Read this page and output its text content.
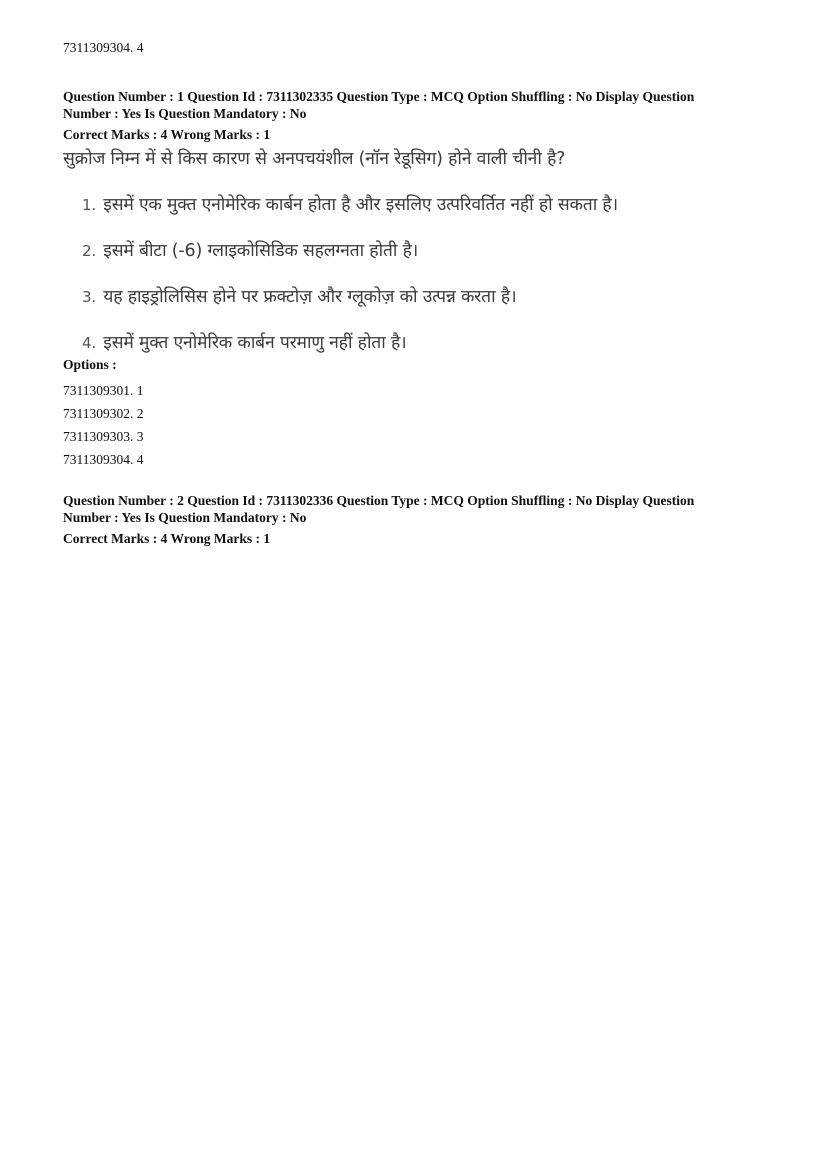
7311309304. 4
Question Number : 1 Question Id : 7311302335 Question Type : MCQ Option Shuffling : No Display Question
Number : Yes Is Question Mandatory : No
Correct Marks : 4 Wrong Marks : 1
सुक्रोज निम्न में से किस कारण से अनपचयंशील (नॉन रेडूसिग) होने वाली चीनी है?
1. इसमें एक मुक्त एनोमेरिक कार्बन होता है और इसलिए उत्परिवर्तित नहीं हो सकता है।
2. इसमें बीटा (-6) ग्लाइकोसिडिक सहलग्नता होती है।
3. यह हाइड्रोलिसिस होने पर फ्रक्टोज़ और ग्लूकोज़ को उत्पन्न करता है।
4. इसमें मुक्त एनोमेरिक कार्बन परमाणु नहीं होता है।
Options :
7311309301. 1
7311309302. 2
7311309303. 3
7311309304. 4
Question Number : 2 Question Id : 7311302336 Question Type : MCQ Option Shuffling : No Display Question
Number : Yes Is Question Mandatory : No
Correct Marks : 4 Wrong Marks : 1
